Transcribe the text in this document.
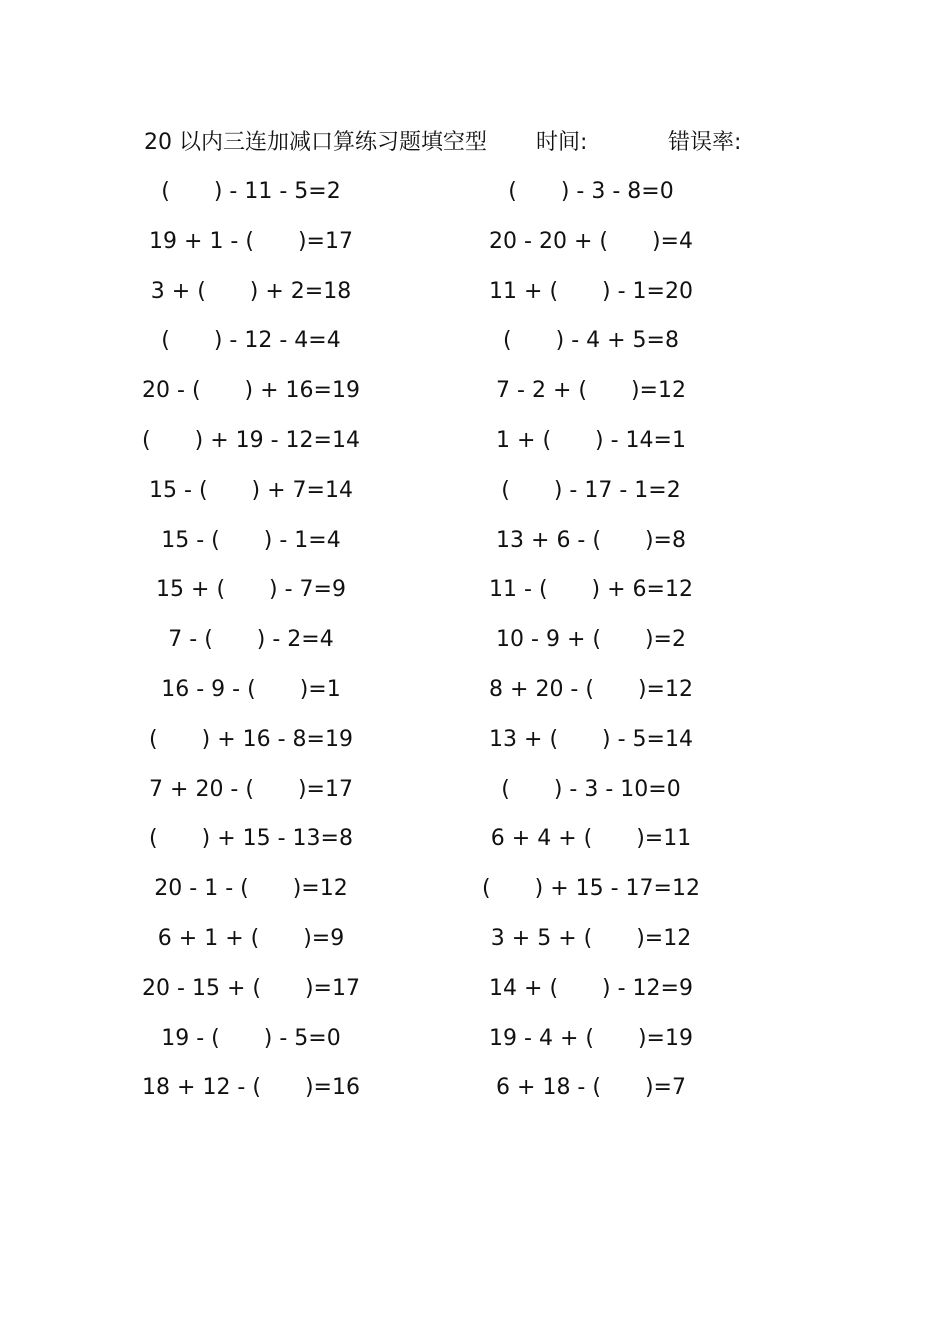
20 以内三连加减口算练习题填空型 时间:	错误率:
(　　) - 11 - 5=2	(　　) - 3 - 8=0
19 + 1 - (　　)=17	20 - 20 + (　　)=4
3 + (　　) + 2=18	11 + (　　) - 1=20
(　　) - 12 - 4=4	(　　) - 4 + 5=8
20 - (　　) + 16=19	7 - 2 + (　　)=12
(　　) + 19 - 12=14	1 + (　　) - 14=1
15 - (　　) + 7=14	(　　) - 17 - 1=2
15 - (　　) - 1=4	13 + 6 - (　　)=8
15 + (　　) - 7=9	11 - (　　) + 6=12
7 - (　　) - 2=4	10 - 9 + (　　)=2
16 - 9 - (　　)=1	8 + 20 - (　　)=12
(　　) + 16 - 8=19	13 + (　　) - 5=14
7 + 20 - (　　)=17	(　　) - 3 - 10=0
(　　) + 15 - 13=8	6 + 4 + (　　)=11
20 - 1 - (　　)=12	(　　) + 15 - 17=12
6 + 1 + (　　)=9	3 + 5 + (　　)=12
20 - 15 + (　　)=17	14 + (　　) - 12=9
19 - (　　) - 5=0	19 - 4 + (　　)=19
18 + 12 - (　　)=16	6 + 18 - (　　)=7
